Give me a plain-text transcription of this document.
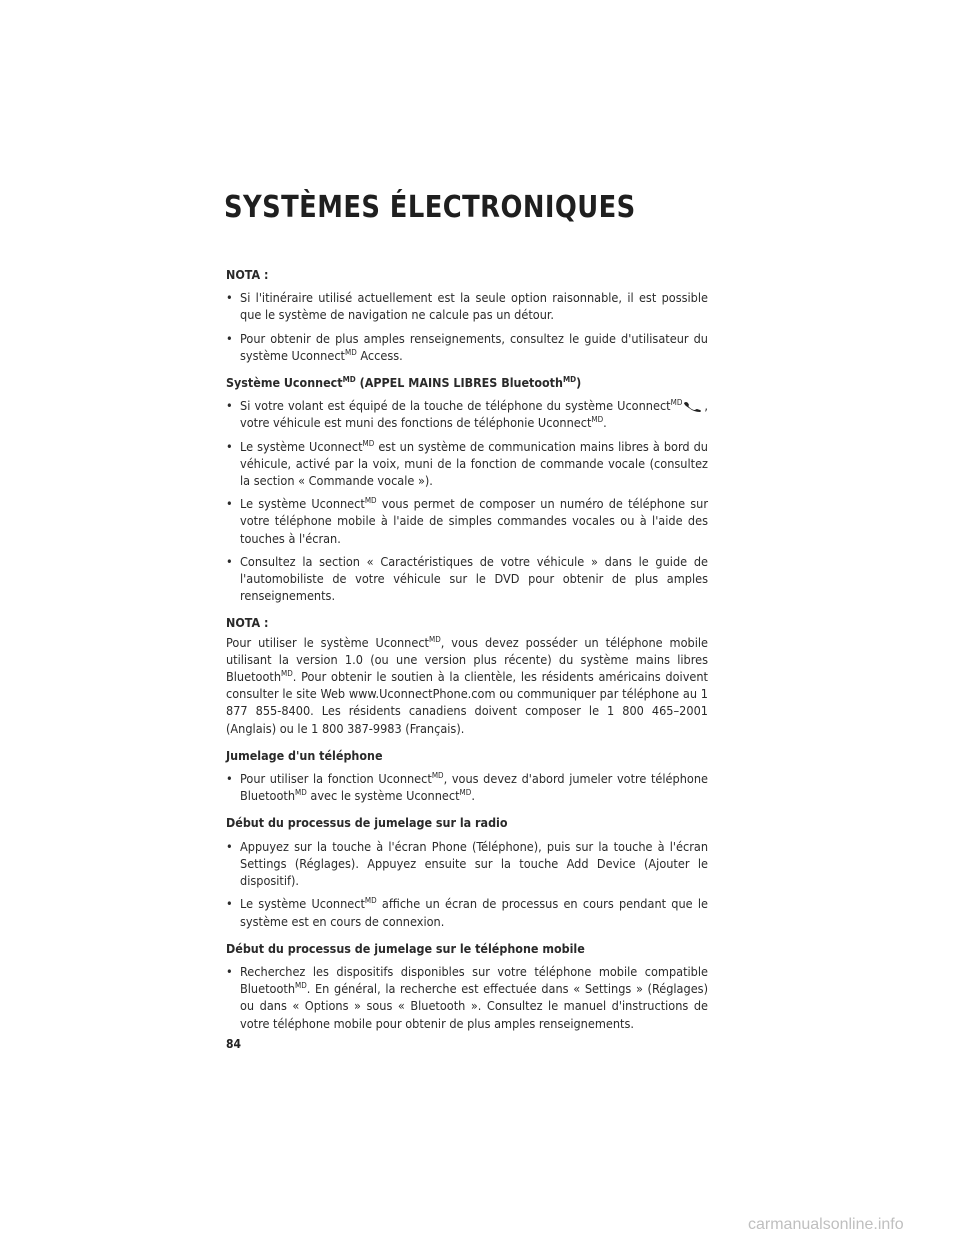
SYSTÈMES ÉLECTRONIQUES

NOTA :

• Si l'itinéraire utilisé actuellement est la seule option raisonnable, il est possible que le système de navigation ne calcule pas un détour.
• Pour obtenir de plus amples renseignements, consultez le guide d'utilisateur du système Uconnect$^{MD}$ Access.

Système Uconnect$^{MD}$ (APPEL MAINS LIBRES Bluetooth$^{MD}$)

• Si votre volant est équipé de la touche de téléphone du système Uconnect$^{MD}$ , votre véhicule est muni des fonctions de téléphonie Uconnect$^{MD}$.
• Le système Uconnect$^{MD}$ est un système de communication mains libres à bord du véhicule, activé par la voix, muni de la fonction de commande vocale (consultez la section « Commande vocale »).
• Le système Uconnect$^{MD}$ vous permet de composer un numéro de téléphone sur votre téléphone mobile à l'aide de simples commandes vocales ou à l'aide des touches à l'écran.
• Consultez la section « Caractéristiques de votre véhicule » dans le guide de l'automobiliste de votre véhicule sur le DVD pour obtenir de plus amples renseignements.

NOTA :

Pour utiliser le système Uconnect$^{MD}$, vous devez posséder un téléphone mobile utilisant la version 1.0 (ou une version plus récente) du système mains libres Bluetooth$^{MD}$. Pour obtenir le soutien à la clientèle, les résidents américains doivent consulter le site Web www.UconnectPhone.com ou communiquer par téléphone au 1 877 855-8400. Les résidents canadiens doivent composer le 1 800 465–2001 (Anglais) ou le 1 800 387-9983 (Français).

Jumelage d'un téléphone

• Pour utiliser la fonction Uconnect$^{MD}$, vous devez d'abord jumeler votre téléphone Bluetooth$^{MD}$ avec le système Uconnect$^{MD}$.

Début du processus de jumelage sur la radio

• Appuyez sur la touche à l'écran Phone (Téléphone), puis sur la touche à l'écran Settings (Réglages). Appuyez ensuite sur la touche Add Device (Ajouter le dispositif).
• Le système Uconnect$^{MD}$ affiche un écran de processus en cours pendant que le système est en cours de connexion.

Début du processus de jumelage sur le téléphone mobile

• Recherchez les dispositifs disponibles sur votre téléphone mobile compatible Bluetooth$^{MD}$. En général, la recherche est effectuée dans « Settings » (Réglages) ou dans « Options » sous « Bluetooth ». Consultez le manuel d'instructions de votre téléphone mobile pour obtenir de plus amples renseignements.
84
carmanualsonline.info
